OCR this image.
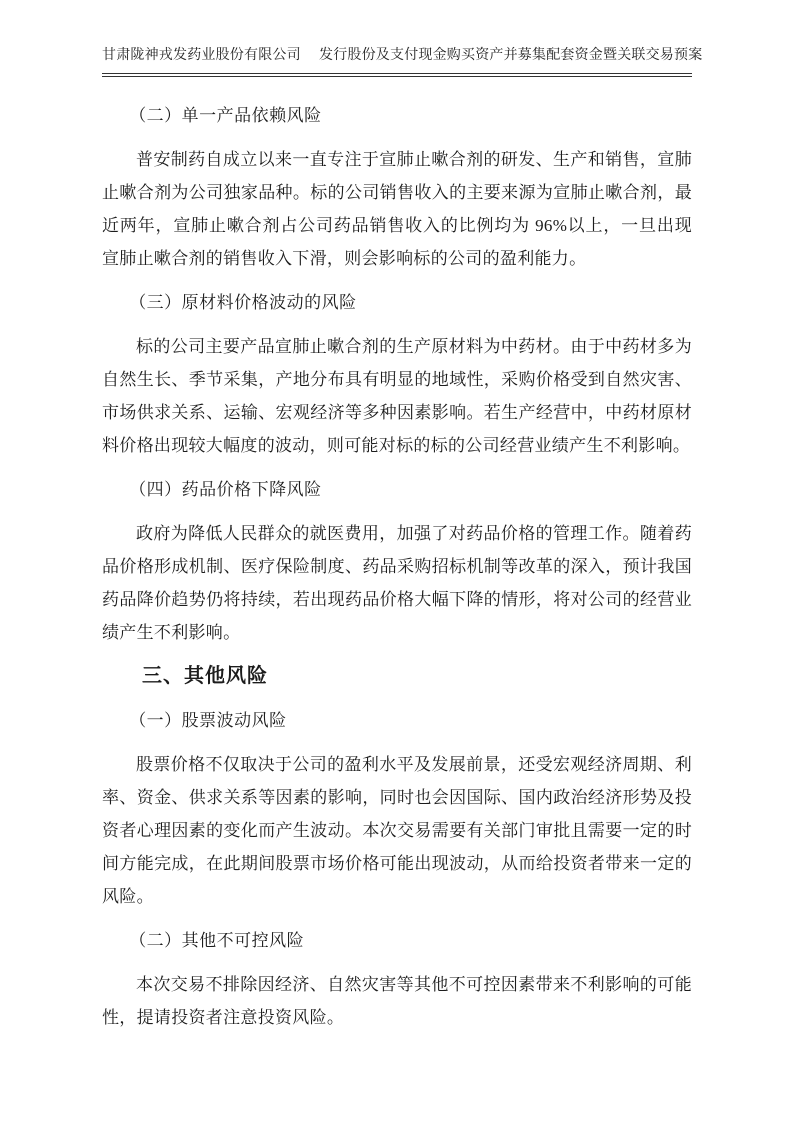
甘肃陇神戎发药业股份有限公司 发行股份及支付现金购买资产并募集配套资金暨关联交易预案
（二）单一产品依赖风险

普安制药自成立以来一直专注于宣肺止嗽合剂的研发、生产和销售，宣肺止嗽合剂为公司独家品种。标的公司销售收入的主要来源为宣肺止嗽合剂，最近两年，宣肺止嗽合剂占公司药品销售收入的比例均为 96%以上，一旦出现宣肺止嗽合剂的销售收入下滑，则会影响标的公司的盈利能力。

（三）原材料价格波动的风险

标的公司主要产品宣肺止嗽合剂的生产原材料为中药材。由于中药材多为自然生长、季节采集，产地分布具有明显的地域性，采购价格受到自然灾害、市场供求关系、运输、宏观经济等多种因素影响。若生产经营中，中药材原材料价格出现较大幅度的波动，则可能对标的标的公司经营业绩产生不利影响。

（四）药品价格下降风险

政府为降低人民群众的就医费用，加强了对药品价格的管理工作。随着药品价格形成机制、医疗保险制度、药品采购招标机制等改革的深入，预计我国药品降价趋势仍将持续，若出现药品价格大幅下降的情形，将对公司的经营业绩产生不利影响。

三、其他风险
（一）股票波动风险

股票价格不仅取决于公司的盈利水平及发展前景，还受宏观经济周期、利率、资金、供求关系等因素的影响，同时也会因国际、国内政治经济形势及投资者心理因素的变化而产生波动。本次交易需要有关部门审批且需要一定的时间方能完成，在此期间股票市场价格可能出现波动，从而给投资者带来一定的风险。

（二）其他不可控风险

本次交易不排除因经济、自然灾害等其他不可控因素带来不利影响的可能性，提请投资者注意投资风险。
